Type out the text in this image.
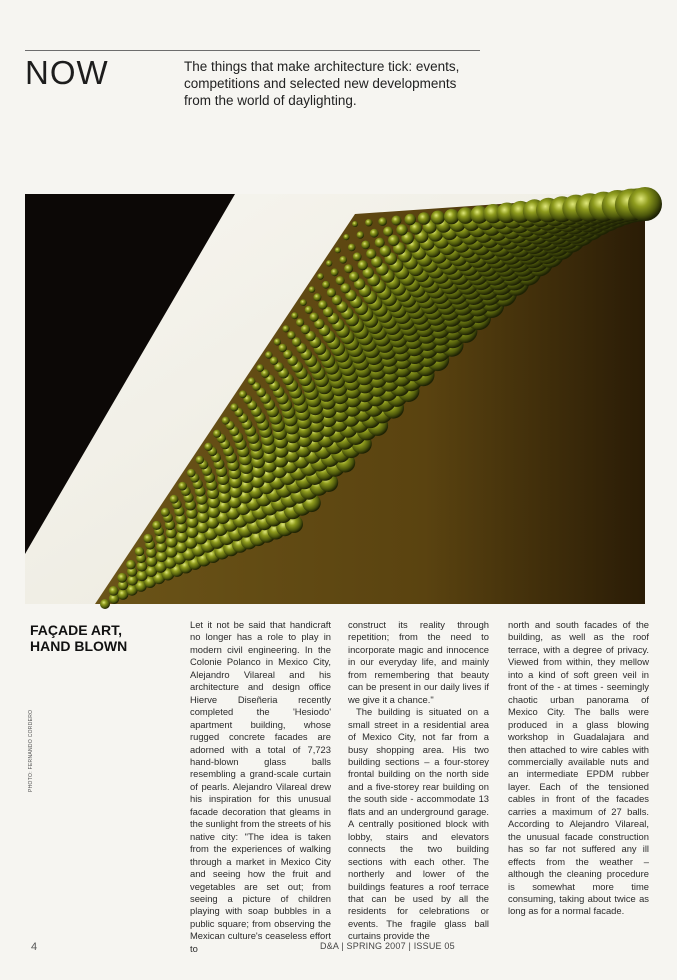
NOW	The things that make architecture tick: events, competitions and selected new developments from the world of daylighting.

PHOTO: FERNANDO CORDERO
FAÇADE ART,
HAND BLOWN

Let it not be said that handicraft no longer has a role to play in modern civil engineering. In the Colonie Polanco in Mexico City, Alejandro Vilareal and his architecture and design office Hierve Diseñeria recently completed the 'Hesiodo' apartment building, whose rugged concrete facades are adorned with a total of 7,723 hand-blown glass balls resembling a grand-scale curtain of pearls. Alejandro Vilareal drew his inspiration for this unusual facade decoration that gleams in the sunlight from the streets of his native city: "The idea is taken from the experiences of walking through a market in Mexico City and seeing how the fruit and vegetables are set out; from seeing a picture of children playing with soap bubbles in a public square; from observing the Mexican culture's ceaseless effort to

construct its reality through repetition; from the need to incorporate magic and innocence in our everyday life, and mainly from remembering that beauty can be present in our daily lives if we give it a chance."

The building is situated on a small street in a residential area of Mexico City, not far from a busy shopping area. His two building sections – a four-storey frontal building on the north side and a five-storey rear building on the south side - accommodate 13 flats and an underground garage. A centrally positioned block with lobby, stairs and elevators connects the two building sections with each other. The northerly and lower of the buildings features a roof terrace that can be used by all the residents for celebrations or events. The fragile glass ball curtains provide the

north and south facades of the building, as well as the roof terrace, with a degree of privacy. Viewed from within, they mellow into a kind of soft green veil in front of the - at times - seemingly chaotic urban panorama of Mexico City. The balls were produced in a glass blowing workshop in Guadalajara and then attached to wire cables with commercially available nuts and an intermediate EPDM rubber layer. Each of the tensioned cables in front of the facades carries a maximum of 27 balls. According to Alejandro Vilareal, the unusual facade construction has so far not suffered any ill effects from the weather – although the cleaning procedure is somewhat more time consuming, taking about twice as long as for a normal facade.

4	D&A | SPRING 2007 | ISSUE 05
